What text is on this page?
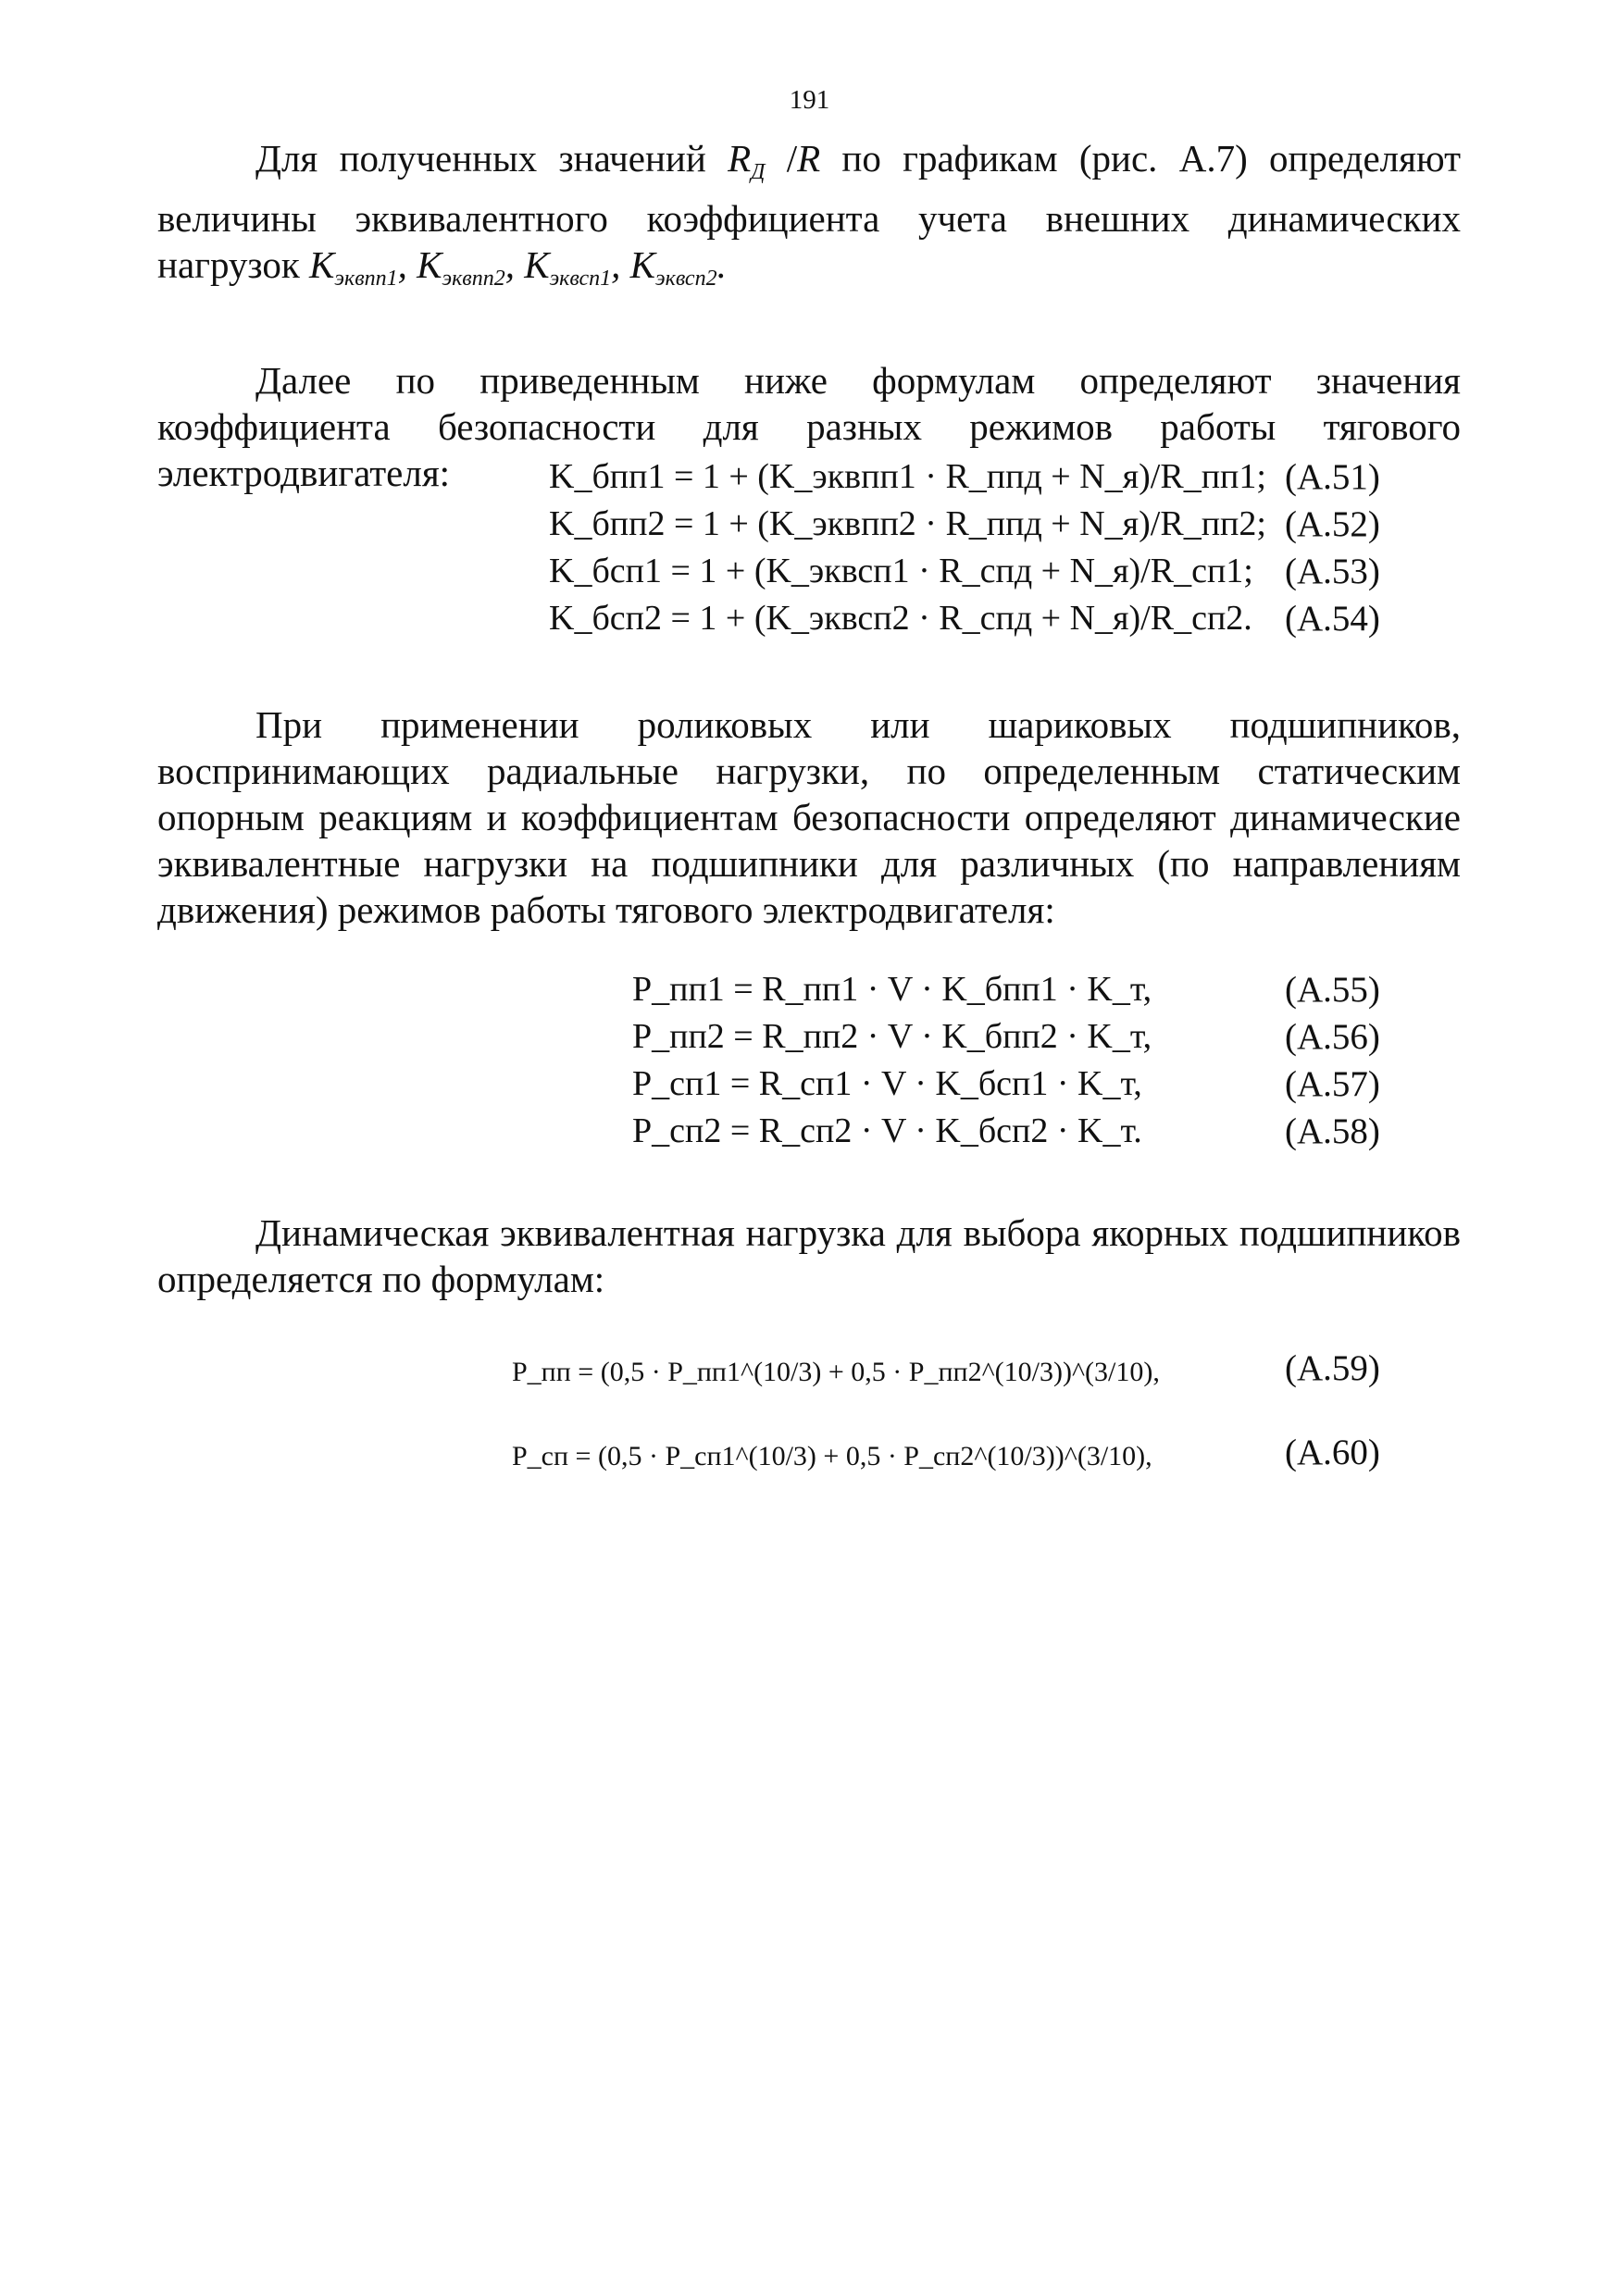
191
Для полученных значений $R_Д$ /R по графикам (рис. А.7) определяют величины эквивалентного коэффициента учета внешних динамических нагрузок $K_{эквпп1}$, $K_{эквпп2}$, $K_{эквсп1}$, $K_{эквсп2}$.
Далее по приведенным ниже формулам определяют значения коэффициента безопасности для разных режимов работы тягового электродвигателя:	K_бпп1 = 1 + (K_эквпп1 · R_ппд + N_я)/R_пп1; (А.51)
K_бпп2 = 1 + (K_эквпп2 · R_ппд + N_я)/R_пп2; (А.52)
K_бсп1 = 1 + (K_эквсп1 · R_спд + N_я)/R_сп1; (А.53)
K_бсп2 = 1 + (K_эквсп2 · R_спд + N_я)/R_сп2. (А.54)
При применении роликовых или шариковых подшипников, воспринимающих радиальные нагрузки, по определенным статическим опорным реакциям и коэффициентам безопасности определяют динамические эквивалентные нагрузки на подшипники для различных (по направлениям движения) режимов работы тягового электродвигателя:
P_пп1 = R_пп1 · V · K_бпп1 · K_т,	(А.55)
P_пп2 = R_пп2 · V · K_бпп2 · K_т,	(А.56)
P_сп1 = R_сп1 · V · K_бсп1 · K_т,	(А.57)
P_сп2 = R_сп2 · V · K_бсп2 · K_т.	(А.58)
Динамическая эквивалентная нагрузка для выбора якорных подшипников определяется по формулам:
P_пп = (0,5 · P_пп1^(10/3) + 0,5 · P_пп2^(10/3))^(3/10),	(А.59)
P_сп = (0,5 · P_сп1^(10/3) + 0,5 · P_сп2^(10/3))^(3/10),	(А.60)
